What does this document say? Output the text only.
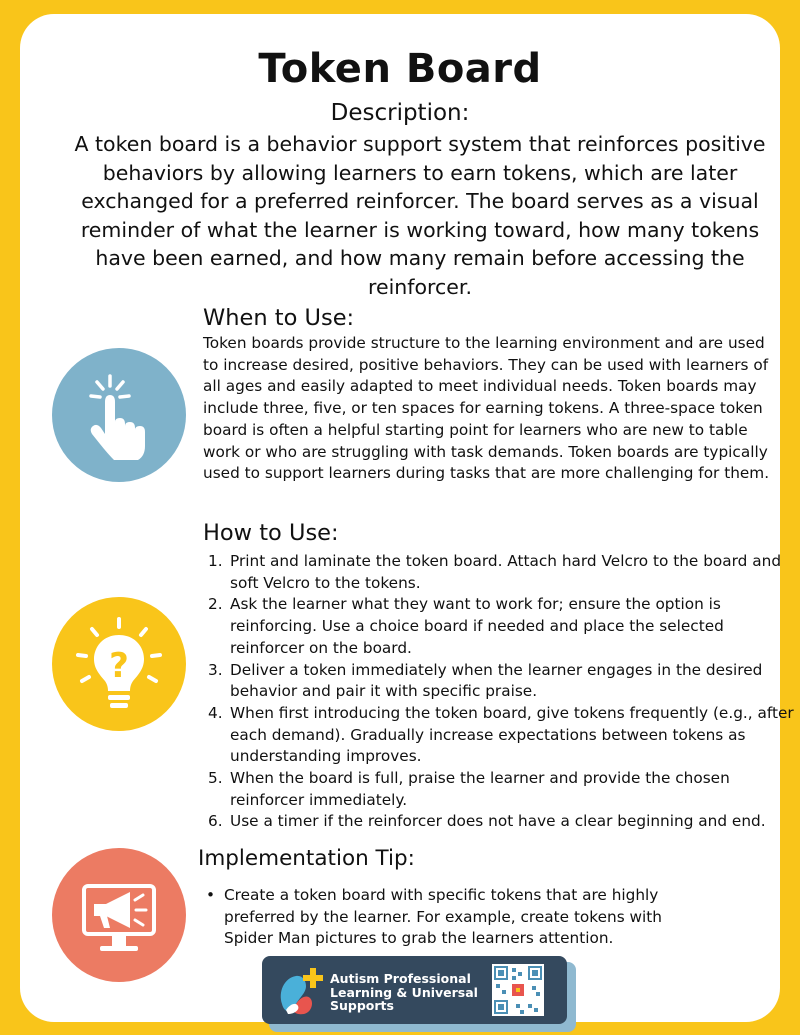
Token Board
Description:
A token board is a behavior support system that reinforces positive behaviors by allowing learners to earn tokens, which are later exchanged for a preferred reinforcer. The board serves as a visual reminder of what the learner is working toward, how many tokens have been earned, and how many remain before accessing the reinforcer.
When to Use:
Token boards provide structure to the learning environment and are used to increase desired, positive behaviors. They can be used with learners of all ages and easily adapted to meet individual needs. Token boards may include three, five, or ten spaces for earning tokens. A three-space token board is often a helpful starting point for learners who are new to table work or who are struggling with task demands. Token boards are typically used to support learners during tasks that are more challenging for them.
?
How to Use:
1. Print and laminate the token board. Attach hard Velcro to the board and soft Velcro to the tokens.
2. Ask the learner what they want to work for; ensure the option is reinforcing. Use a choice board if needed and place the selected reinforcer on the board.
3. Deliver a token immediately when the learner engages in the desired behavior and pair it with specific praise.
4. When first introducing the token board, give tokens frequently (e.g., after each demand). Gradually increase expectations between tokens as understanding improves.
5. When the board is full, praise the learner and provide the chosen reinforcer immediately.
6. Use a timer if the reinforcer does not have a clear beginning and end.
Implementation Tip:
• Create a token board with specific tokens that are highly preferred by the learner. For example, create tokens with Spider Man pictures to grab the learners attention.
Autism Professional
Learning & Universal
Supports
